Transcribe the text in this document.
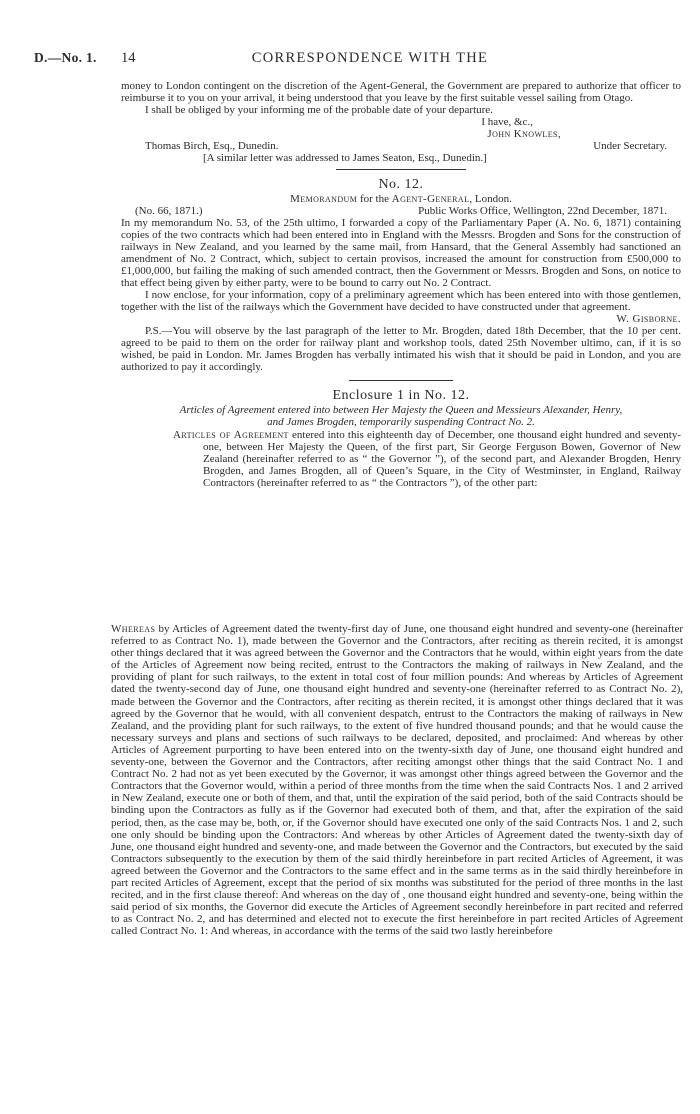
D.—No. 1. 14	CORRESPONDENCE WITH THE

money to London contingent on the discretion of the Agent-General, the Government are prepared to authorize that officer to reimburse it to you on your arrival, it being understood that you leave by the first suitable vessel sailing from Otago.

I shall be obliged by your informing me of the probable date of your departure.

I have, &c.,

John Knowles,

Thomas Birch, Esq., Dunedin.	Under Secretary.

[A similar letter was addressed to James Seaton, Esq., Dunedin.]

No. 12.

Memorandum for the Agent-General, London.

(No. 66, 1871.)	Public Works Office, Wellington, 22nd December, 1871.

In my memorandum No. 53, of the 25th ultimo, I forwarded a copy of the Parliamentary Paper (A. No. 6, 1871) containing copies of the two contracts which had been entered into in England with the Messrs. Brogden and Sons for the construction of railways in New Zealand, and you learned by the same mail, from Hansard, that the General Assembly had sanctioned an amendment of No. 2 Contract, which, subject to certain provisos, increased the amount for construction from £500,000 to £1,000,000, but failing the making of such amended contract, then the Government or Messrs. Brogden and Sons, on notice to that effect being given by either party, were to be bound to carry out No. 2 Contract.

I now enclose, for your information, copy of a preliminary agreement which has been entered into with those gentlemen, together with the list of the railways which the Government have decided to have constructed under that agreement.

W. Gisborne.

P.S.—You will observe by the last paragraph of the letter to Mr. Brogden, dated 18th December, that the 10 per cent. agreed to be paid to them on the order for railway plant and workshop tools, dated 25th November ultimo, can, if it is so wished, be paid in London. Mr. James Brogden has verbally intimated his wish that it should be paid in London, and you are authorized to pay it accordingly.

Enclosure 1 in No. 12.

Articles of Agreement entered into between Her Majesty the Queen and Messieurs Alexander, Henry,

and James Brogden, temporarily suspending Contract No. 2.

Articles of Agreement entered into this eighteenth day of December, one thousand eight hundred and seventy-one, between Her Majesty the Queen, of the first part, Sir George Ferguson Bowen, Governor of New Zealand (hereinafter referred to as “ the Governor ”), of the second part, and Alexander Brogden, Henry Brogden, and James Brogden, all of Queen’s Square, in the City of Westminster, in England, Railway Contractors (hereinafter referred to as “ the Contractors ”), of the other part:

Whereas by Articles of Agreement dated the twenty-first day of June, one thousand eight hundred and seventy-one (hereinafter referred to as Contract No. 1), made between the Governor and the Contractors, after reciting as therein recited, it is amongst other things declared that it was agreed between the Governor and the Contractors that he would, within eight years from the date of the Articles of Agreement now being recited, entrust to the Contractors the making of railways in New Zealand, and the providing of plant for such railways, to the extent in total cost of four million pounds: And whereas by Articles of Agreement dated the twenty-second day of June, one thousand eight hundred and seventy-one (hereinafter referred to as Contract No. 2), made between the Governor and the Contractors, after reciting as therein recited, it is amongst other things declared that it was agreed by the Governor that he would, with all convenient despatch, entrust to the Contractors the making of railways in New Zealand, and the providing plant for such railways, to the extent of five hundred thousand pounds; and that he would cause the necessary surveys and plans and sections of such railways to be declared, deposited, and proclaimed: And whereas by other Articles of Agreement purporting to have been entered into on the twenty-sixth day of June, one thousand eight hundred and seventy-one, between the Governor and the Contractors, after reciting amongst other things that the said Contract No. 1 and Contract No. 2 had not as yet been executed by the Governor, it was amongst other things agreed between the Governor and the Contractors that the Governor would, within a period of three months from the time when the said Contracts Nos. 1 and 2 arrived in New Zealand, execute one or both of them, and that, until the expiration of the said period, both of the said Contracts should be binding upon the Contractors as fully as if the Governor had executed both of them, and that, after the expiration of the said period, then, as the case may be, both, or, if the Governor should have executed one only of the said Contracts Nos. 1 and 2, such one only should be binding upon the Contractors: And whereas by other Articles of Agreement dated the twenty-sixth day of June, one thousand eight hundred and seventy-one, and made between the Governor and the Contractors, but executed by the said Contractors subsequently to the execution by them of the said thirdly hereinbefore in part recited Articles of Agreement, it was agreed between the Governor and the Contractors to the same effect and in the same terms as in the said thirdly hereinbefore in part recited Articles of Agreement, except that the period of six months was substituted for the period of three months in the last recited, and in the first clause thereof: And whereas on the day of , one thousand eight hundred and seventy-one, being within the said period of six months, the Governor did execute the Articles of Agreement secondly hereinbefore in part recited and referred to as Contract No. 2, and has determined and elected not to execute the first hereinbefore in part recited Articles of Agreement called Contract No. 1: And whereas, in accordance with the terms of the said two lastly hereinbefore
